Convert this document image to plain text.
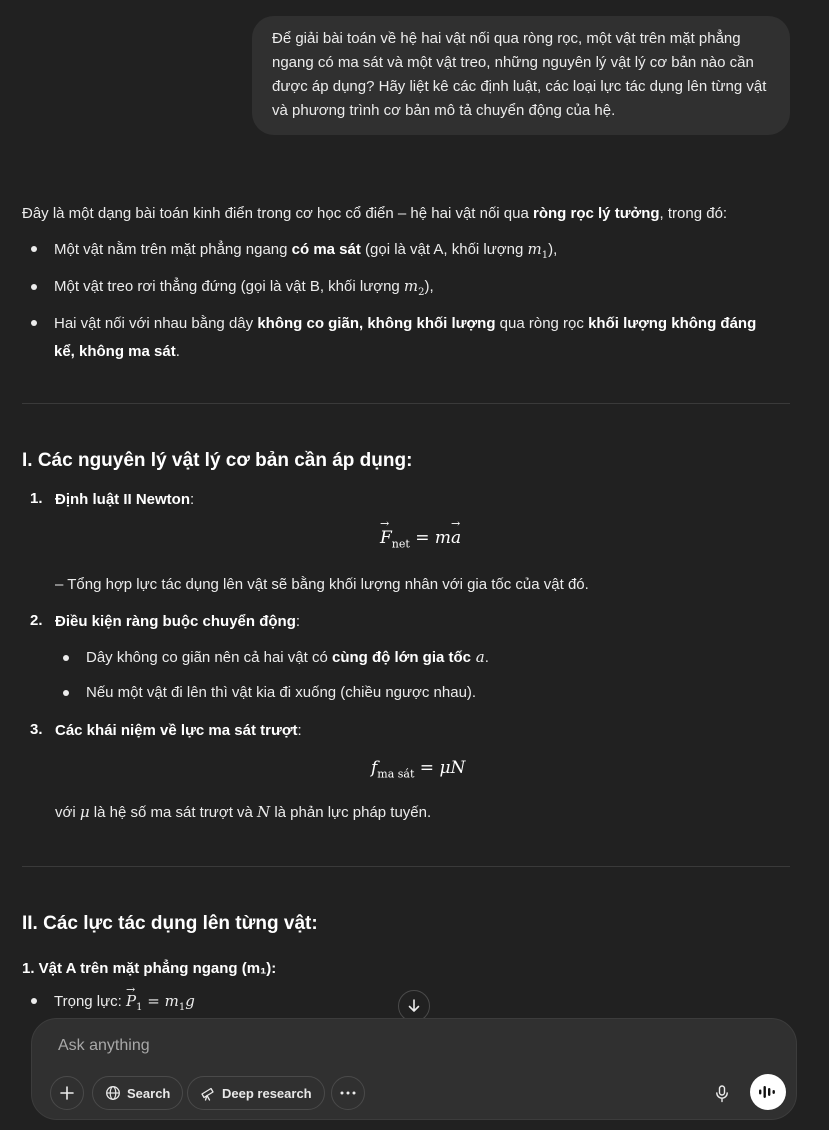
Để giải bài toán về hệ hai vật nối qua ròng rọc, một vật trên mặt phẳng ngang có ma sát và một vật treo, những nguyên lý vật lý cơ bản nào cần được áp dụng? Hãy liệt kê các định luật, các loại lực tác dụng lên từng vật và phương trình cơ bản mô tả chuyển động của hệ.
Đây là một dạng bài toán kinh điển trong cơ học cổ điển – hệ hai vật nối qua ròng rọc lý tưởng, trong đó:
Một vật nằm trên mặt phẳng ngang có ma sát (gọi là vật A, khối lượng $m_1$),
Một vật treo rơi thẳng đứng (gọi là vật B, khối lượng $m_2$),
Hai vật nối với nhau bằng dây không co giãn, không khối lượng qua ròng rọc khối lượng không đáng
kể, không ma sát.
I. Các nguyên lý vật lý cơ bản cần áp dụng:
1. Định luật II Newton:
→ $F_{net} = m\to a$
– Tổng hợp lực tác dụng lên vật sẽ bằng khối lượng nhân với gia tốc của vật đó.
2. Điều kiện ràng buộc chuyển động:
Dây không co giãn nên cả hai vật có cùng độ lớn gia tốc a.
Nếu một vật đi lên thì vật kia đi xuống (chiều ngược nhau).
3. Các khái niệm về lực ma sát trượt:
$f_{ma sát} = \mu N$
với μ là hệ số ma sát trượt và N là phản lực pháp tuyến.
II. Các lực tác dụng lên từng vật:
1. Vật A trên mặt phẳng ngang (m₁):
Trọng lực: → $P_1 = m_1g$
Ask anything
Search	Deep research
